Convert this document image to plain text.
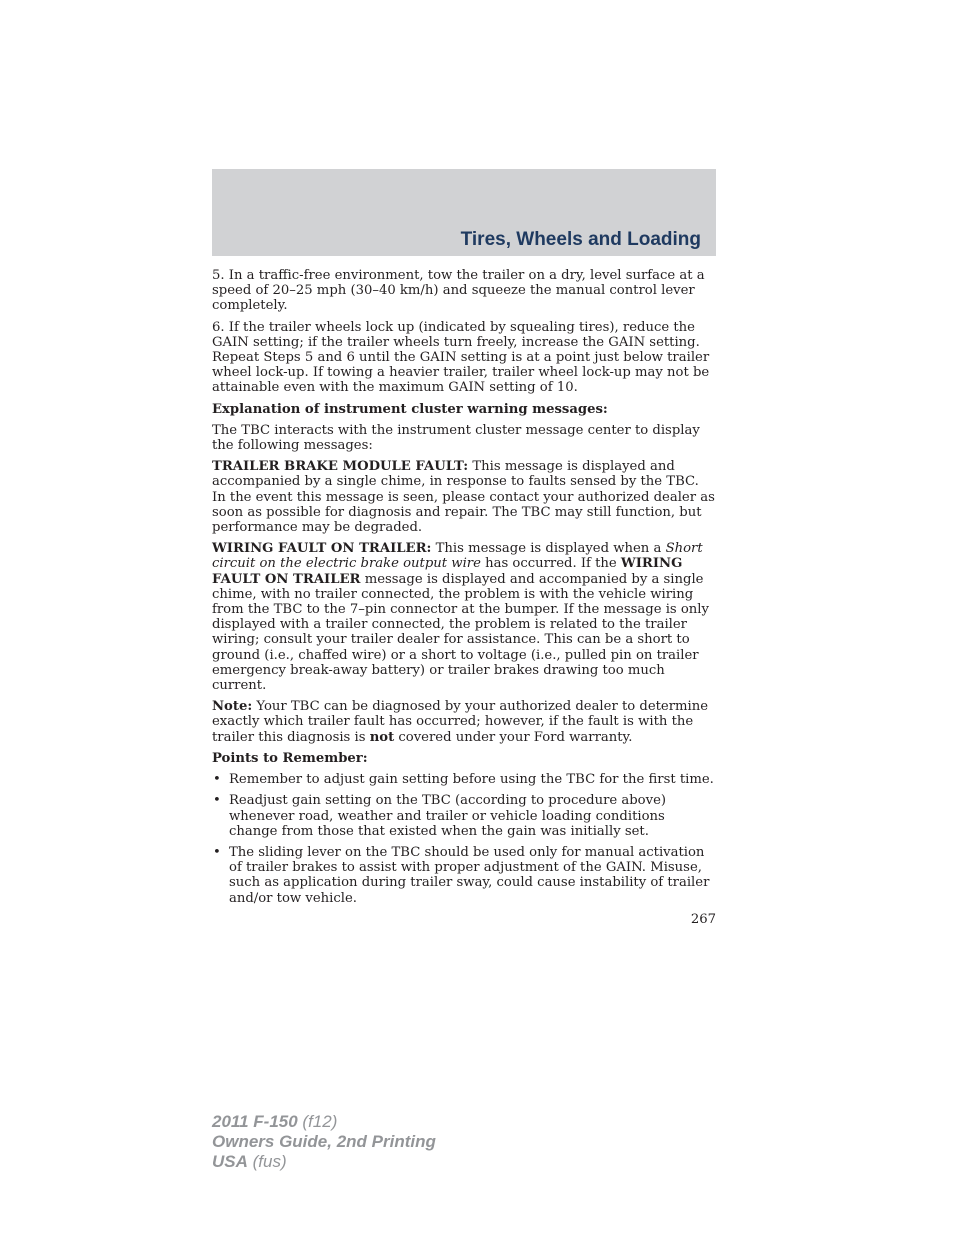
Tires, Wheels and Loading

5. In a traffic-free environment, tow the trailer on a dry, level surface at a speed of 20–25 mph (30–40 km/h) and squeeze the manual control lever completely.

6. If the trailer wheels lock up (indicated by squealing tires), reduce the GAIN setting; if the trailer wheels turn freely, increase the GAIN setting. Repeat Steps 5 and 6 until the GAIN setting is at a point just below trailer wheel lock-up. If towing a heavier trailer, trailer wheel lock-up may not be attainable even with the maximum GAIN setting of 10.

Explanation of instrument cluster warning messages:

The TBC interacts with the instrument cluster message center to display the following messages:

TRAILER BRAKE MODULE FAULT: This message is displayed and accompanied by a single chime, in response to faults sensed by the TBC. In the event this message is seen, please contact your authorized dealer as soon as possible for diagnosis and repair. The TBC may still function, but performance may be degraded.

WIRING FAULT ON TRAILER: This message is displayed when a Short circuit on the electric brake output wire has occurred. If the WIRING FAULT ON TRAILER message is displayed and accompanied by a single chime, with no trailer connected, the problem is with the vehicle wiring from the TBC to the 7–pin connector at the bumper. If the message is only displayed with a trailer connected, the problem is related to the trailer wiring; consult your trailer dealer for assistance. This can be a short to ground (i.e., chaffed wire) or a short to voltage (i.e., pulled pin on trailer emergency break-away battery) or trailer brakes drawing too much current.

Note: Your TBC can be diagnosed by your authorized dealer to determine exactly which trailer fault has occurred; however, if the fault is with the trailer this diagnosis is not covered under your Ford warranty.

Points to Remember:

• Remember to adjust gain setting before using the TBC for the first time.
• Readjust gain setting on the TBC (according to procedure above) whenever road, weather and trailer or vehicle loading conditions change from those that existed when the gain was initially set.
• The sliding lever on the TBC should be used only for manual activation of trailer brakes to assist with proper adjustment of the GAIN. Misuse, such as application during trailer sway, could cause instability of trailer and/or tow vehicle.
267
2011 F-150 (f12)
Owners Guide, 2nd Printing
USA (fus)
